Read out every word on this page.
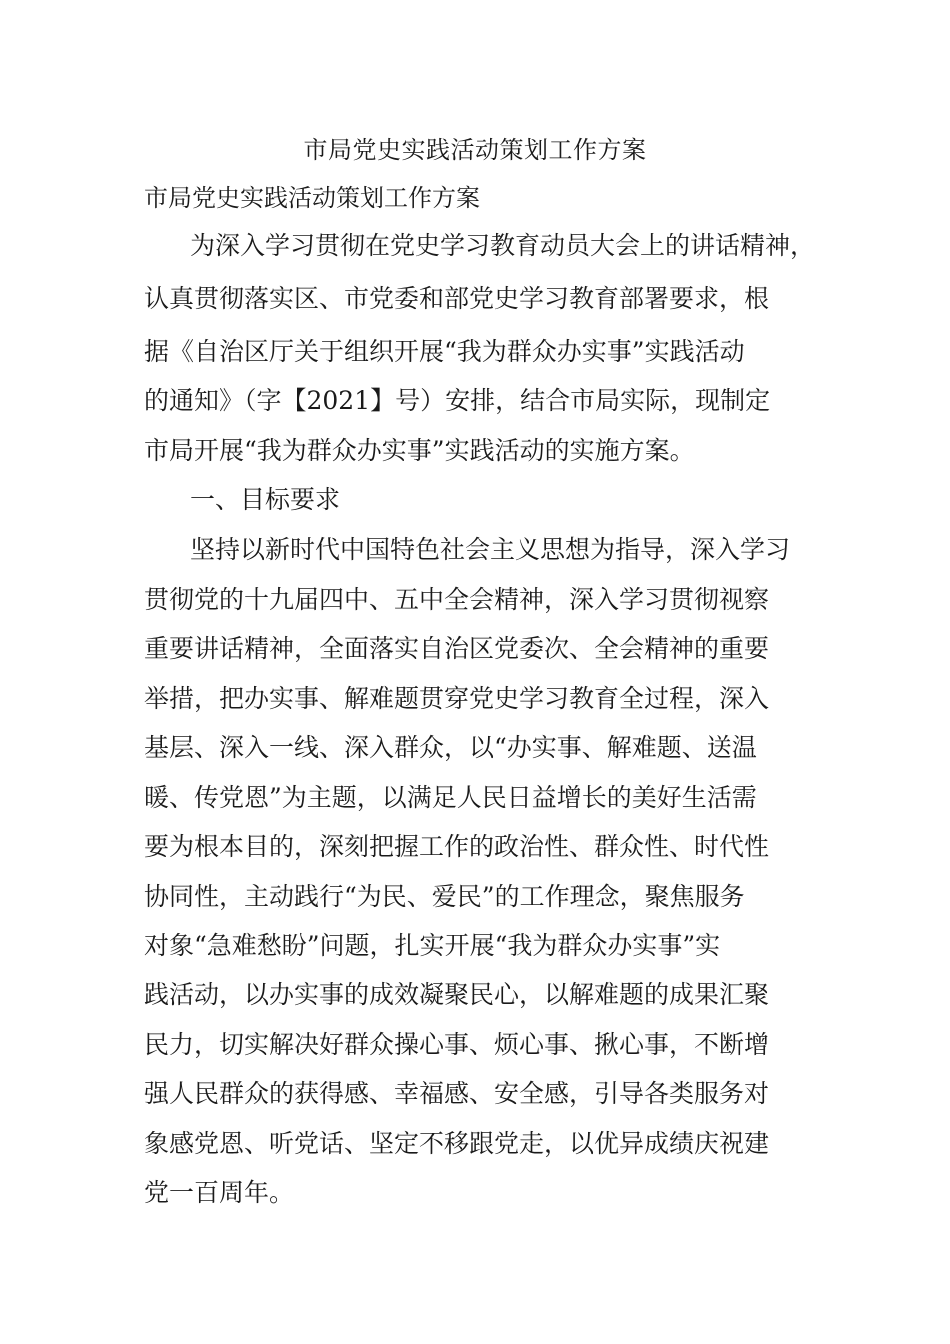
市局党史实践活动策划工作方案
市局党史实践活动策划工作方案
为深入学习贯彻在党史学习教育动员大会上的讲话精神，
认真贯彻落实区、市党委和部党史学习教育部署要求，根
据《自治区厅关于组织开展“我为群众办实事”实践活动
的通知》（字【2021】号）安排，结合市局实际，现制定
市局开展“我为群众办实事”实践活动的实施方案。
一、目标要求
坚持以新时代中国特色社会主义思想为指导，深入学习
贯彻党的十九届四中、五中全会精神，深入学习贯彻视察
重要讲话精神，全面落实自治区党委次、全会精神的重要
举措，把办实事、解难题贯穿党史学习教育全过程，深入
基层、深入一线、深入群众，以“办实事、解难题、送温
暖、传党恩”为主题，以满足人民日益增长的美好生活需
要为根本目的，深刻把握工作的政治性、群众性、时代性
协同性，主动践行“为民、爱民”的工作理念，聚焦服务
对象“急难愁盼”问题，扎实开展“我为群众办实事”实
践活动，以办实事的成效凝聚民心，以解难题的成果汇聚
民力，切实解决好群众操心事、烦心事、揪心事，不断增
强人民群众的获得感、幸福感、安全感，引导各类服务对
象感党恩、听党话、坚定不移跟党走，以优异成绩庆祝建
党一百周年。
